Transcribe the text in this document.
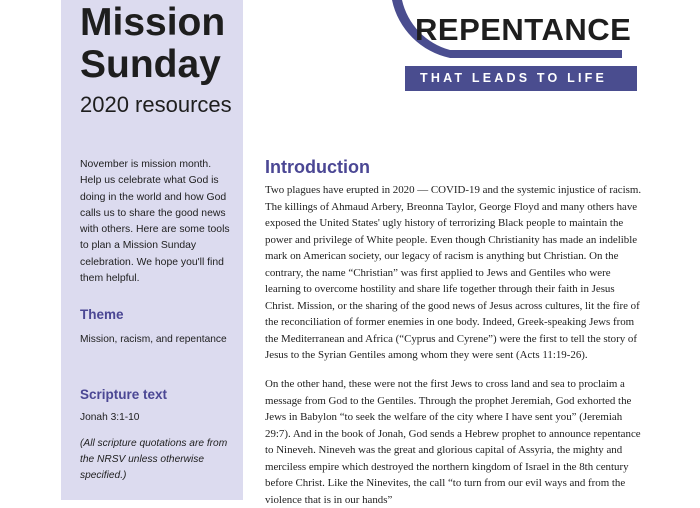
Mission
Sunday
2020 resources

November is mission month. Help us celebrate what God is doing in the world and how God calls us to share the good news with others. Here are some tools to plan a Mission Sunday celebration. We hope you'll find them helpful.

Theme

Mission, racism, and repentance

Scripture text

Jonah 3:1-10

(All scripture quotations are from the NRSV unless otherwise specified.)

REPENTANCE
THAT LEADS TO LIFE
Introduction

Two plagues have erupted in 2020 — COVID-19 and the systemic injustice of racism. The killings of Ahmaud Arbery, Breonna Taylor, George Floyd and many others have exposed the United States' ugly history of terrorizing Black people to maintain the power and privilege of White people. Even though Christianity has made an indelible mark on American society, our legacy of racism is anything but Christian. On the contrary, the name “Christian” was first applied to Jews and Gentiles who were learning to overcome hostility and share life together through their faith in Jesus Christ. Mission, or the sharing of the good news of Jesus across cultures, lit the fire of the reconciliation of former enemies in one body. Indeed, Greek-speaking Jews from the Mediterranean and Africa (“Cyprus and Cyrene”) were the first to tell the story of Jesus to the Syrian Gentiles among whom they were sent (Acts 11:19-26).

On the other hand, these were not the first Jews to cross land and sea to proclaim a message from God to the Gentiles. Through the prophet Jeremiah, God exhorted the Jews in Babylon “to seek the welfare of the city where I have sent you” (Jeremiah 29:7). And in the book of Jonah, God sends a Hebrew prophet to announce repentance to Nineveh. Nineveh was the great and glorious capital of Assyria, the mighty and merciless empire which destroyed the northern kingdom of Israel in the 8th century before Christ. Like the Ninevites, the call “to turn from our evil ways and from the violence that is in our hands”
